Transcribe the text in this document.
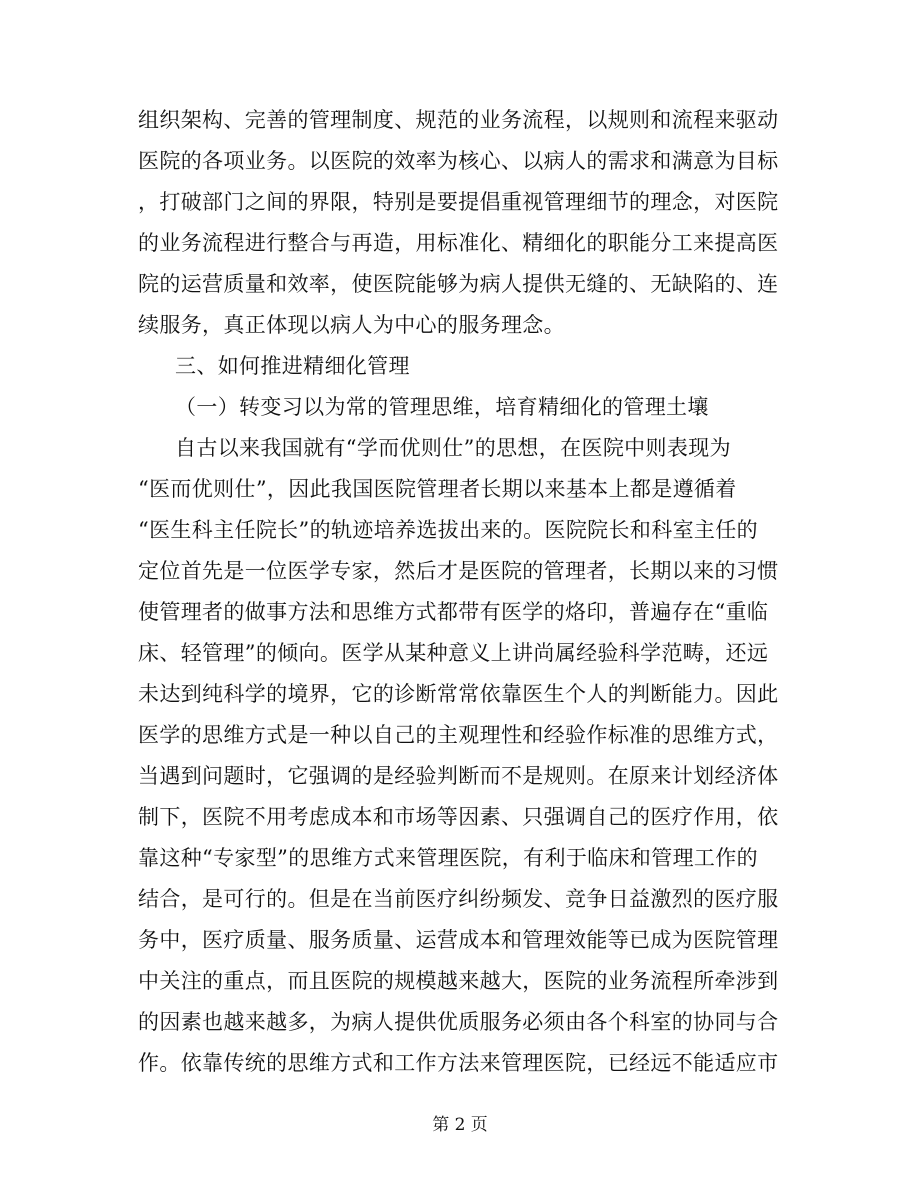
组织架构、完善的管理制度、规范的业务流程，以规则和流程来驱动
医院的各项业务。以医院的效率为核心、以病人的需求和满意为目标
，打破部门之间的界限，特别是要提倡重视管理细节的理念，对医院
的业务流程进行整合与再造，用标准化、精细化的职能分工来提高医
院的运营质量和效率，使医院能够为病人提供无缝的、无缺陷的、连
续服务，真正体现以病人为中心的服务理念。
三、如何推进精细化管理
（一）转变习以为常的管理思维，培育精细化的管理土壤
自古以来我国就有“学而优则仕”的思想，在医院中则表现为
“医而优则仕”，因此我国医院管理者长期以来基本上都是遵循着
“医生科主任院长”的轨迹培养选拔出来的。医院院长和科室主任的
定位首先是一位医学专家，然后才是医院的管理者，长期以来的习惯
使管理者的做事方法和思维方式都带有医学的烙印，普遍存在“重临
床、轻管理”的倾向。医学从某种意义上讲尚属经验科学范畴，还远
未达到纯科学的境界，它的诊断常常依靠医生个人的判断能力。因此
医学的思维方式是一种以自己的主观理性和经验作标准的思维方式，
当遇到问题时，它强调的是经验判断而不是规则。在原来计划经济体
制下，医院不用考虑成本和市场等因素、只强调自己的医疗作用，依
靠这种“专家型”的思维方式来管理医院，有利于临床和管理工作的
结合，是可行的。但是在当前医疗纠纷频发、竞争日益激烈的医疗服
务中，医疗质量、服务质量、运营成本和管理效能等已成为医院管理
中关注的重点，而且医院的规模越来越大，医院的业务流程所牵涉到
的因素也越来越多，为病人提供优质服务必须由各个科室的协同与合
作。依靠传统的思维方式和工作方法来管理医院，已经远不能适应市
第 2 页
